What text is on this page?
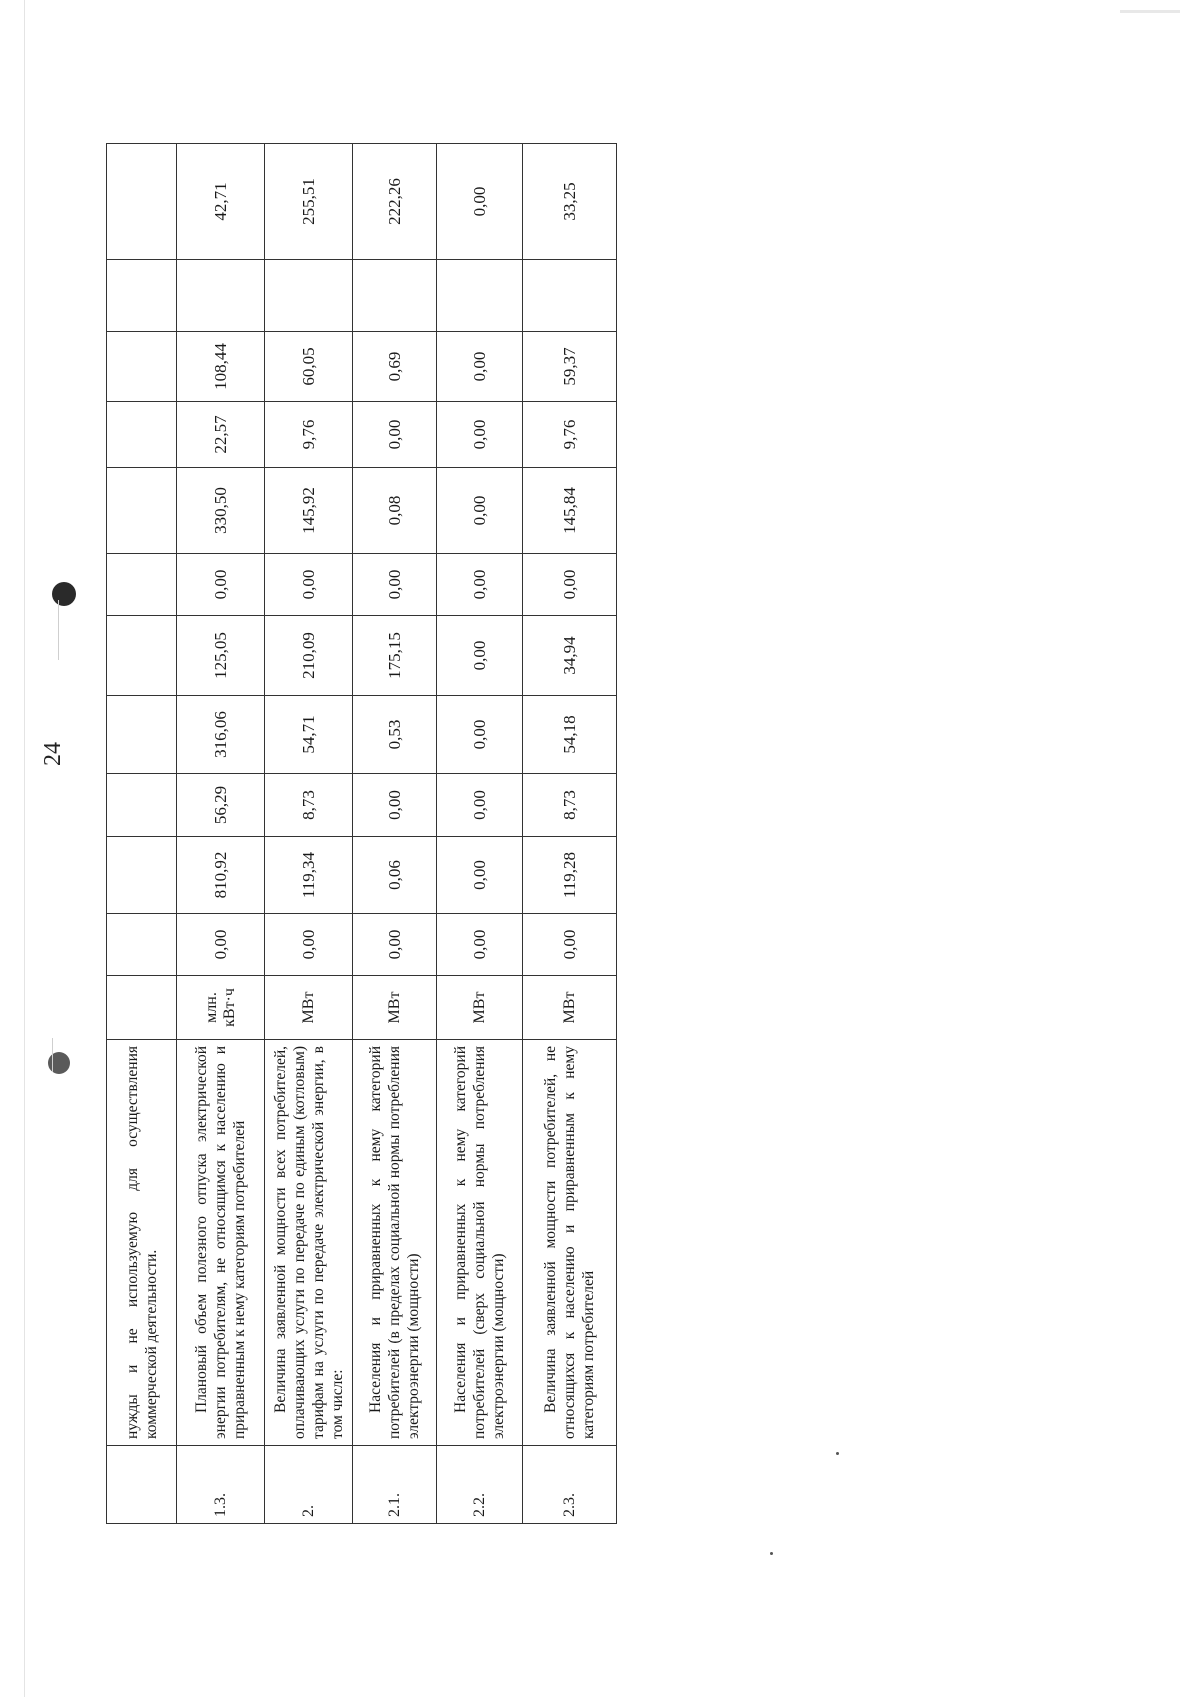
24
	нужды и не используемую для осуществления коммерческой деятельности.												
1.3.	Плановый объем полезного отпуска электрической энергии потребителям, не относящимся к населению и приравненным к нему категориям потребителей	млн. кВт·ч	0,00	810,92	56,29	316,06	125,05	0,00	330,50	22,57	108,44		42,71
2.	Величина заявленной мощности всех потребителей, оплачивающих услуги по передаче по единым (котловым) тарифам на услуги по передаче электрической энергии, в том числе:	МВт	0,00	119,34	8,73	54,71	210,09	0,00	145,92	9,76	60,05		255,51
2.1.	Населения и приравненных к нему категорий потребителей (в пределах социальной нормы потребления электроэнергии (мощности)	МВт	0,00	0,06	0,00	0,53	175,15	0,00	0,08	0,00	0,69		222,26
2.2.	Населения и приравненных к нему категорий потребителей (сверх социальной нормы потребления электроэнергии (мощности)	МВт	0,00	0,00	0,00	0,00	0,00	0,00	0,00	0,00	0,00		0,00
2.3.	Величина заявленной мощности потребителей, не относящихся к населению и приравненным к нему категориям потребителей	МВт	0,00	119,28	8,73	54,18	34,94	0,00	145,84	9,76	59,37		33,25
